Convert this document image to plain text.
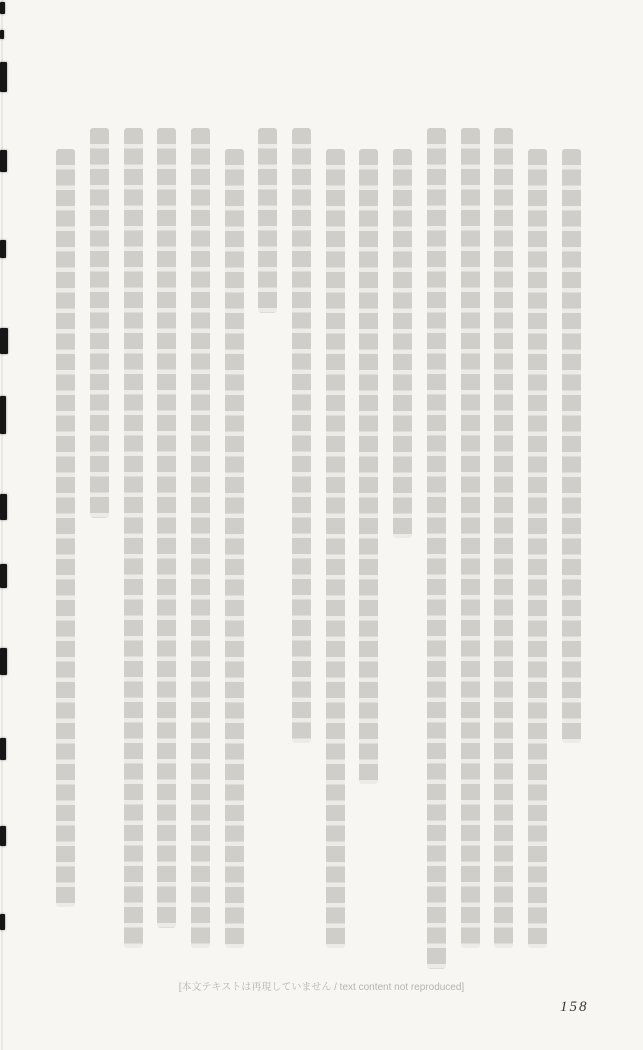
[本文テキストは再現していません / text content not reproduced]
158
